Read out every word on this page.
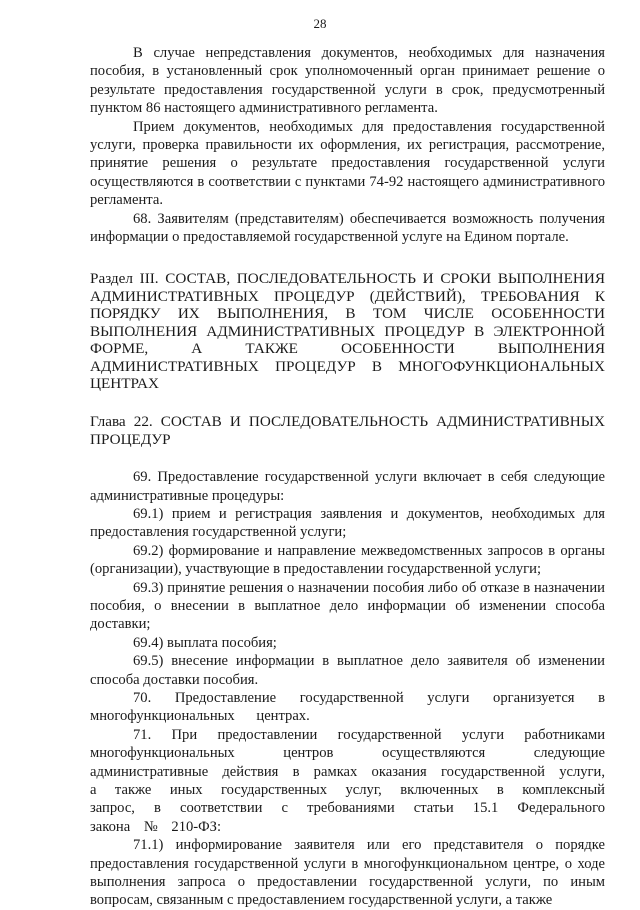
28

В случае непредставления документов, необходимых для назначения пособия, в установленный срок уполномоченный орган принимает решение о результате предоставления государственной услуги в срок, предусмотренный пунктом 86 настоящего административного регламента.

Прием документов, необходимых для предоставления государственной услуги, проверка правильности их оформления, их регистрация, рассмотрение, принятие решения о результате предоставления государственной услуги осуществляются в соответствии с пунктами 74-92 настоящего административного регламента.

68. Заявителям (представителям) обеспечивается возможность получения информации о предоставляемой государственной услуге на Едином портале.

Раздел III. СОСТАВ, ПОСЛЕДОВАТЕЛЬНОСТЬ И СРОКИ ВЫПОЛНЕНИЯ АДМИНИСТРАТИВНЫХ ПРОЦЕДУР (ДЕЙСТВИЙ), ТРЕБОВАНИЯ К ПОРЯДКУ ИХ ВЫПОЛНЕНИЯ, В ТОМ ЧИСЛЕ ОСОБЕННОСТИ ВЫПОЛНЕНИЯ АДМИНИСТРАТИВНЫХ ПРОЦЕДУР В ЭЛЕКТРОННОЙ ФОРМЕ, А ТАКЖЕ ОСОБЕННОСТИ ВЫПОЛНЕНИЯ АДМИНИСТРАТИВНЫХ ПРОЦЕДУР В МНОГОФУНКЦИОНАЛЬНЫХ ЦЕНТРАХ

Глава 22. СОСТАВ И ПОСЛЕДОВАТЕЛЬНОСТЬ АДМИНИСТРАТИВНЫХ ПРОЦЕДУР

69. Предоставление государственной услуги включает в себя следующие административные процедуры:

69.1) прием и регистрация заявления и документов, необходимых для предоставления государственной услуги;

69.2) формирование и направление межведомственных запросов в органы (организации), участвующие в предоставлении государственной услуги;

69.3) принятие решения о назначении пособия либо об отказе в назначении пособия, о внесении в выплатное дело информации об изменении способа доставки;

69.4) выплата пособия;

69.5) внесение информации в выплатное дело заявителя об изменении способа доставки пособия.

70. Предоставление государственной услуги организуется в многофункциональных центрах.

71. При предоставлении государственной услуги работниками многофункциональных центров осуществляются следующие административные действия в рамках оказания государственной услуги, а также иных государственных услуг, включенных в комплексный запрос, в соответствии с требованиями статьи 15.1 Федерального закона № 210-ФЗ:

71.1) информирование заявителя или его представителя о порядке предоставления государственной услуги в многофункциональном центре, о ходе выполнения запроса о предоставлении государственной услуги, по иным вопросам, связанным с предоставлением государственной услуги, а также
